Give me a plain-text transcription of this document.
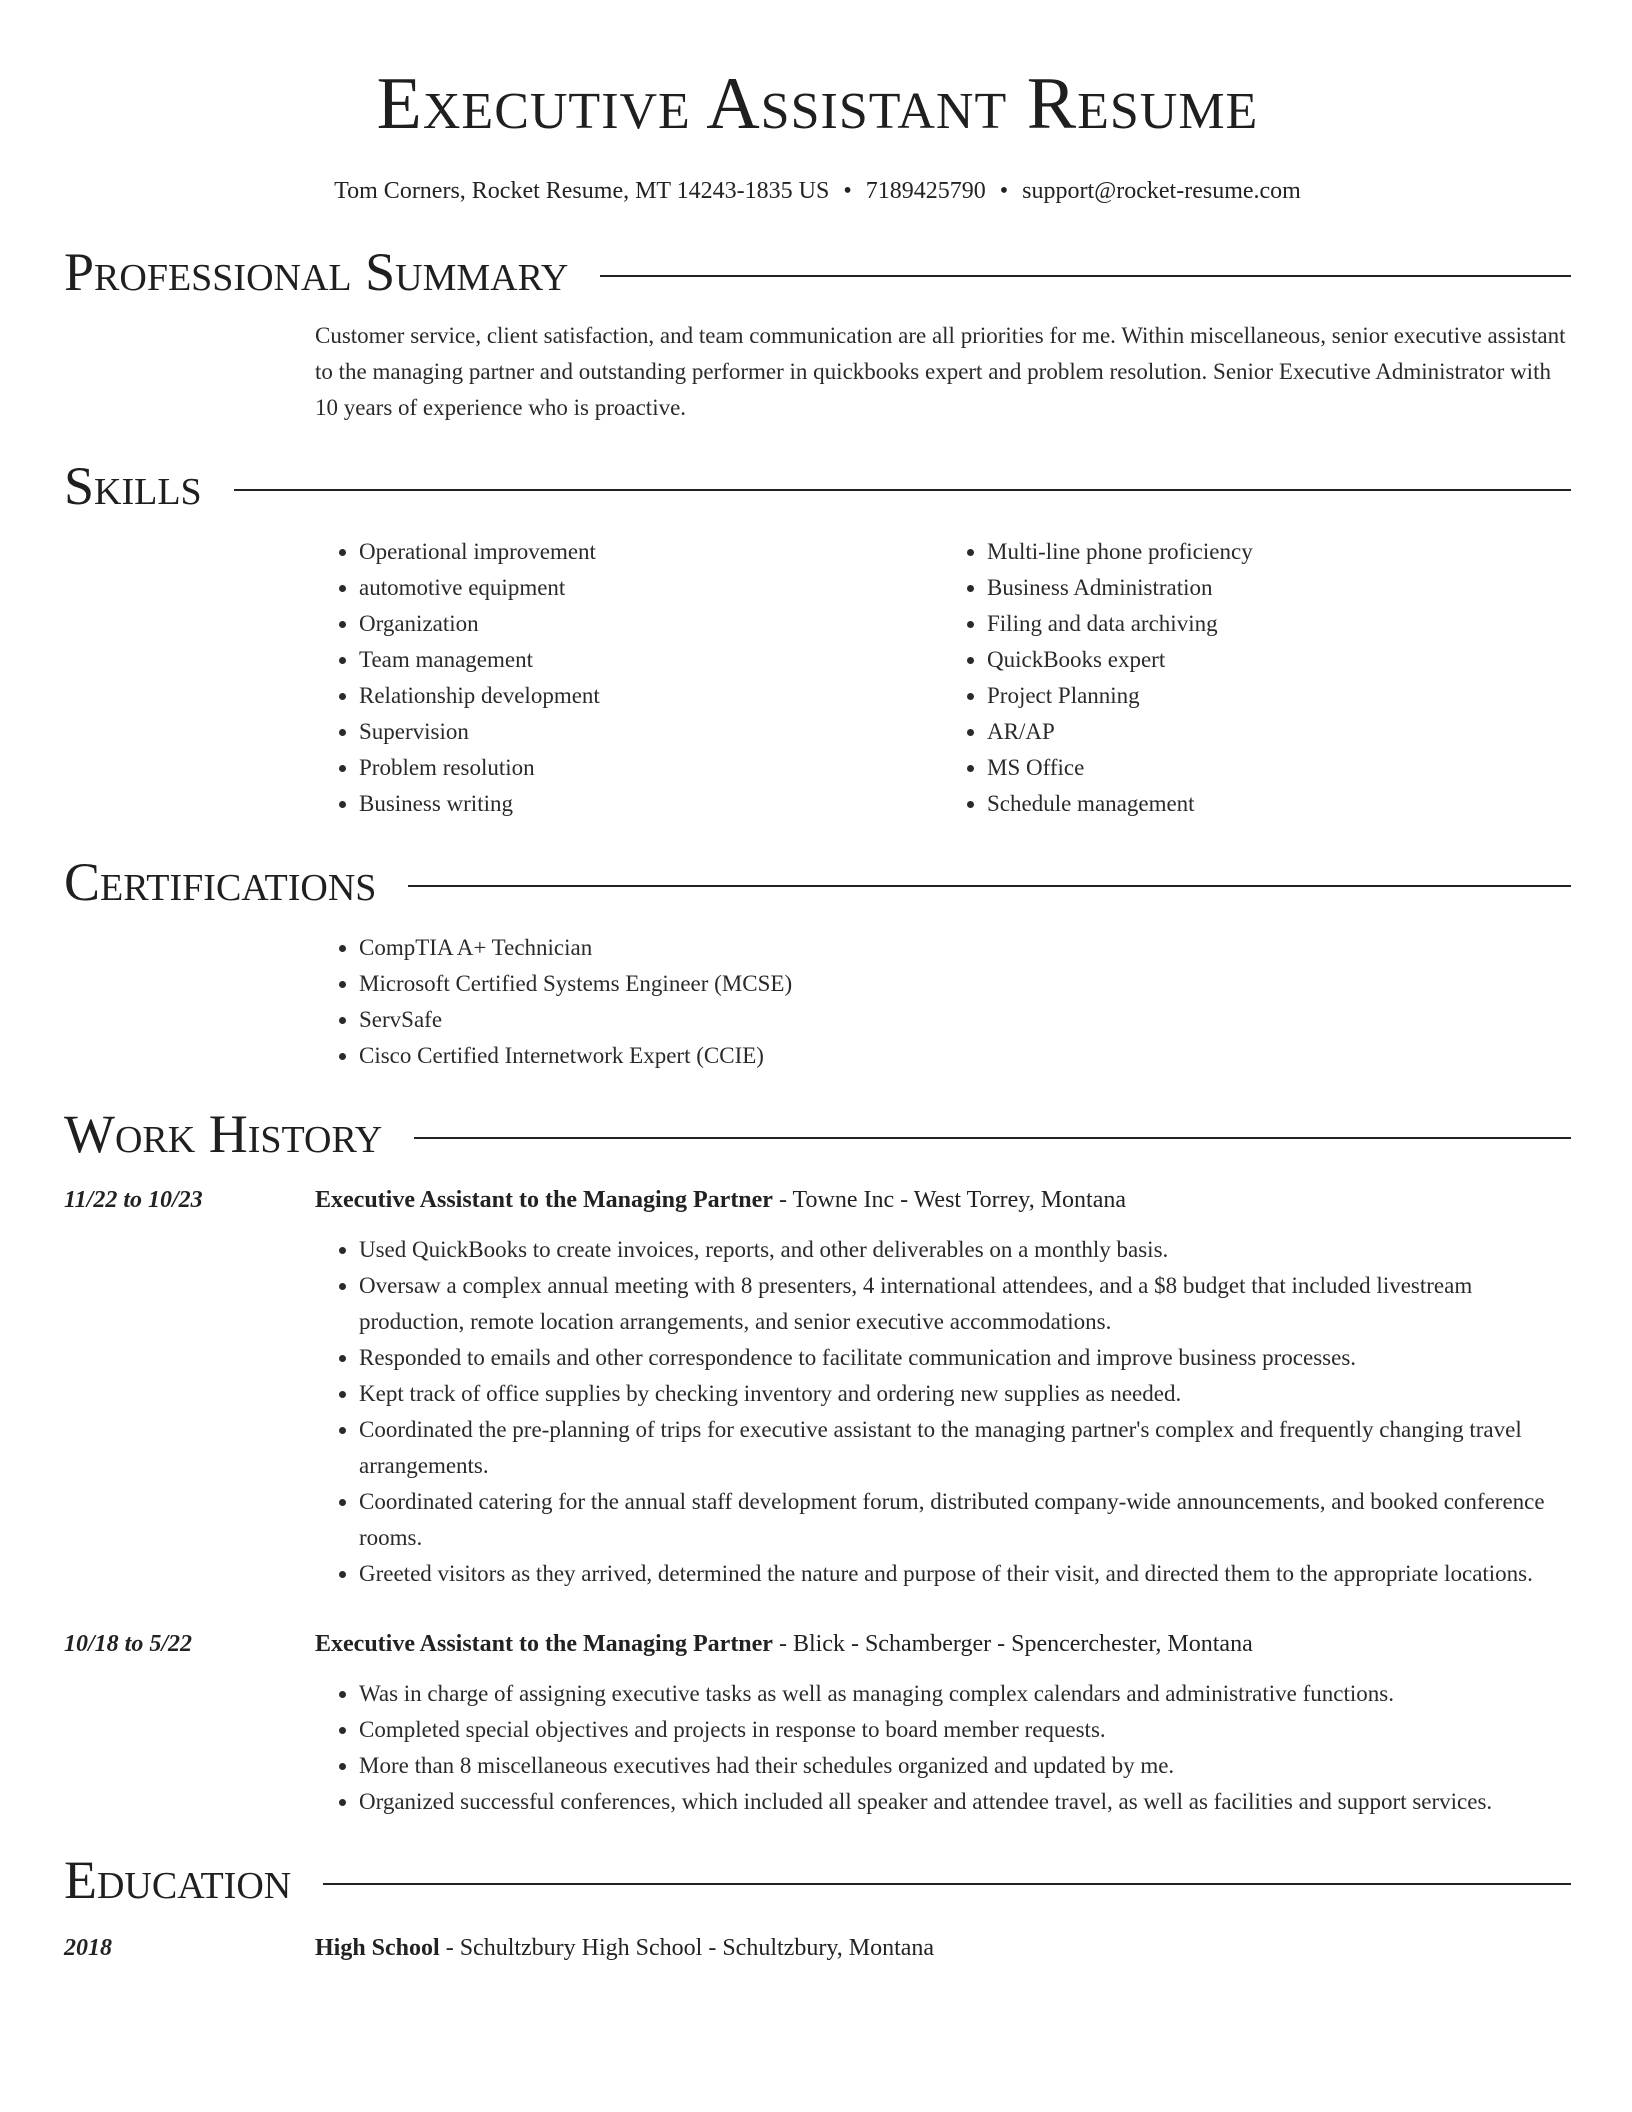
Executive Assistant Resume
Tom Corners, Rocket Resume, MT 14243-1835 US • 7189425790 • support@rocket-resume.com
Professional Summary
Customer service, client satisfaction, and team communication are all priorities for me. Within miscellaneous, senior executive assistant to the managing partner and outstanding performer in quickbooks expert and problem resolution. Senior Executive Administrator with 10 years of experience who is proactive.
Skills
• Operational improvement
• automotive equipment
• Organization
• Team management
• Relationship development
• Supervision
• Problem resolution
• Business writing
• Multi-line phone proficiency
• Business Administration
• Filing and data archiving
• QuickBooks expert
• Project Planning
• AR/AP
• MS Office
• Schedule management
Certifications
• CompTIA A+ Technician
• Microsoft Certified Systems Engineer (MCSE)
• ServSafe
• Cisco Certified Internetwork Expert (CCIE)
Work History
11/22 to 10/23	Executive Assistant to the Managing Partner - Towne Inc - West Torrey, Montana
• Used QuickBooks to create invoices, reports, and other deliverables on a monthly basis.
• Oversaw a complex annual meeting with 8 presenters, 4 international attendees, and a $8 budget that included livestream production, remote location arrangements, and senior executive accommodations.
• Responded to emails and other correspondence to facilitate communication and improve business processes.
• Kept track of office supplies by checking inventory and ordering new supplies as needed.
• Coordinated the pre-planning of trips for executive assistant to the managing partner's complex and frequently changing travel arrangements.
• Coordinated catering for the annual staff development forum, distributed company-wide announcements, and booked conference rooms.
• Greeted visitors as they arrived, determined the nature and purpose of their visit, and directed them to the appropriate locations.
10/18 to 5/22	Executive Assistant to the Managing Partner - Blick - Schamberger - Spencerchester, Montana
• Was in charge of assigning executive tasks as well as managing complex calendars and administrative functions.
• Completed special objectives and projects in response to board member requests.
• More than 8 miscellaneous executives had their schedules organized and updated by me.
• Organized successful conferences, which included all speaker and attendee travel, as well as facilities and support services.
Education
2018	High School - Schultzbury High School - Schultzbury, Montana
